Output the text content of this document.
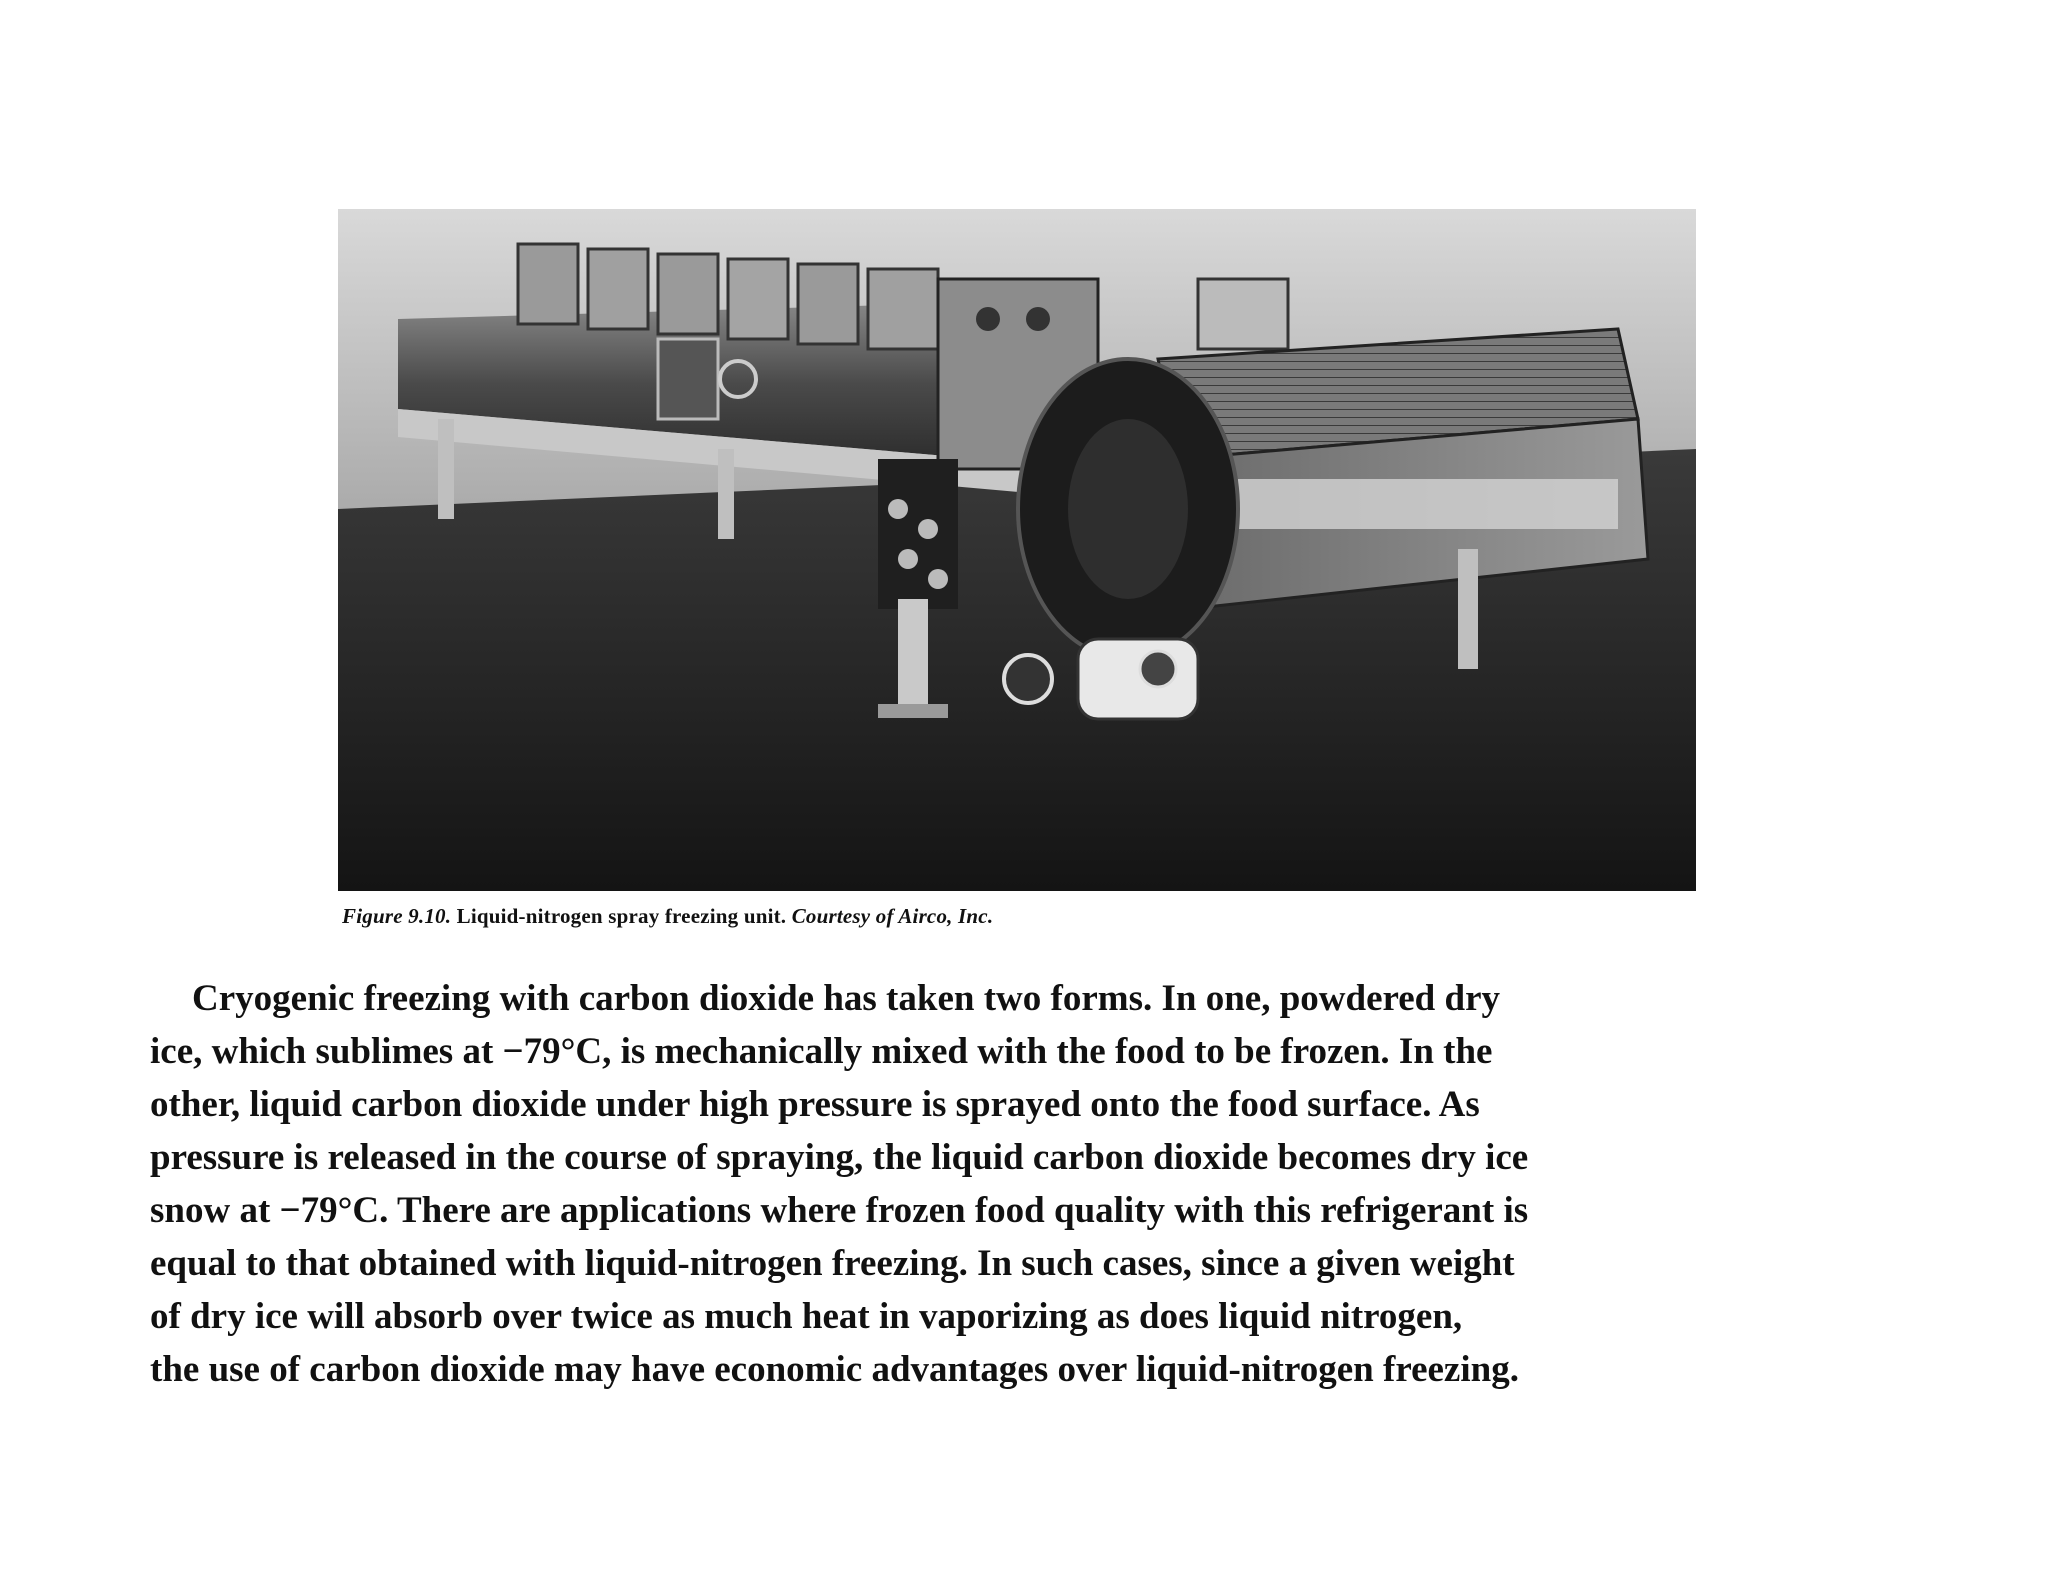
Figure 9.10. Liquid-nitrogen spray freezing unit. Courtesy of Airco, Inc.
Cryogenic freezing with carbon dioxide has taken two forms. In one, powdered dry
ice, which sublimes at −79°C, is mechanically mixed with the food to be frozen. In the
other, liquid carbon dioxide under high pressure is sprayed onto the food surface. As
pressure is released in the course of spraying, the liquid carbon dioxide becomes dry ice
snow at −79°C. There are applications where frozen food quality with this refrigerant is
equal to that obtained with liquid-nitrogen freezing. In such cases, since a given weight
of dry ice will absorb over twice as much heat in vaporizing as does liquid nitrogen,
the use of carbon dioxide may have economic advantages over liquid-nitrogen freezing.
